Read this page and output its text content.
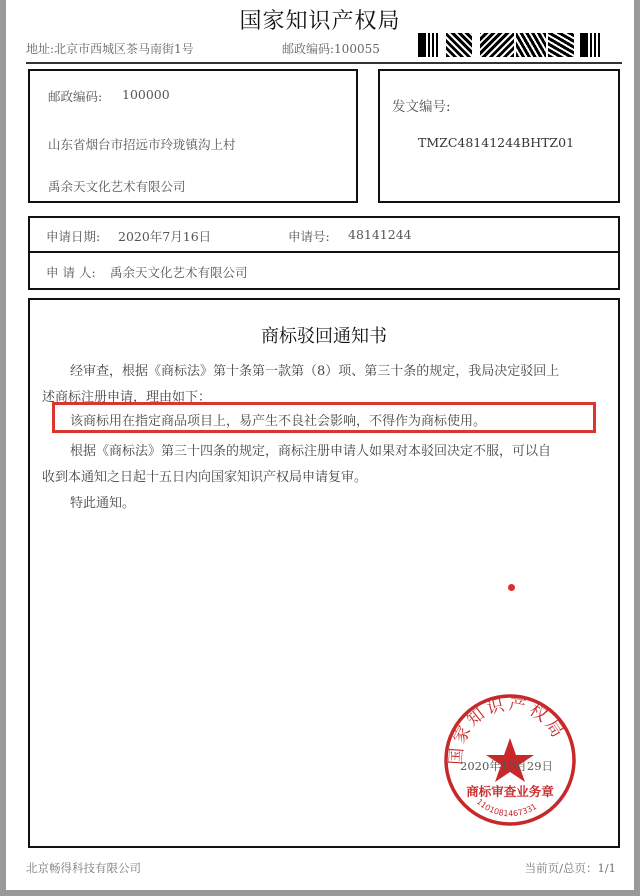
国家知识产权局
地址:北京市西城区茶马南街1号	邮政编码:100055
邮政编码: 100000
山东省烟台市招远市玲珑镇沟上村
禹余天文化艺术有限公司
发文编号:
TMZC48141244BHTZ01
申请日期: 2020年7月16日	申请号: 48141244
申 请 人: 禹余天文化艺术有限公司
商标驳回通知书
经审查，根据《商标法》第十条第一款第（8）项、第三十条的规定，我局决定驳回上
述商标注册申请，理由如下：
该商标用在指定商品项目上，易产生不良社会影响，不得作为商标使用。
根据《商标法》第三十四条的规定，商标注册申请人如果对本驳回决定不服，可以自
收到本通知之日起十五日内向国家知识产权局申请复审。
特此通知。
国家知识产权局
2020年10月29日
商标审查业务章
1101081467331
北京畅得科技有限公司	当前页/总页：1/1
